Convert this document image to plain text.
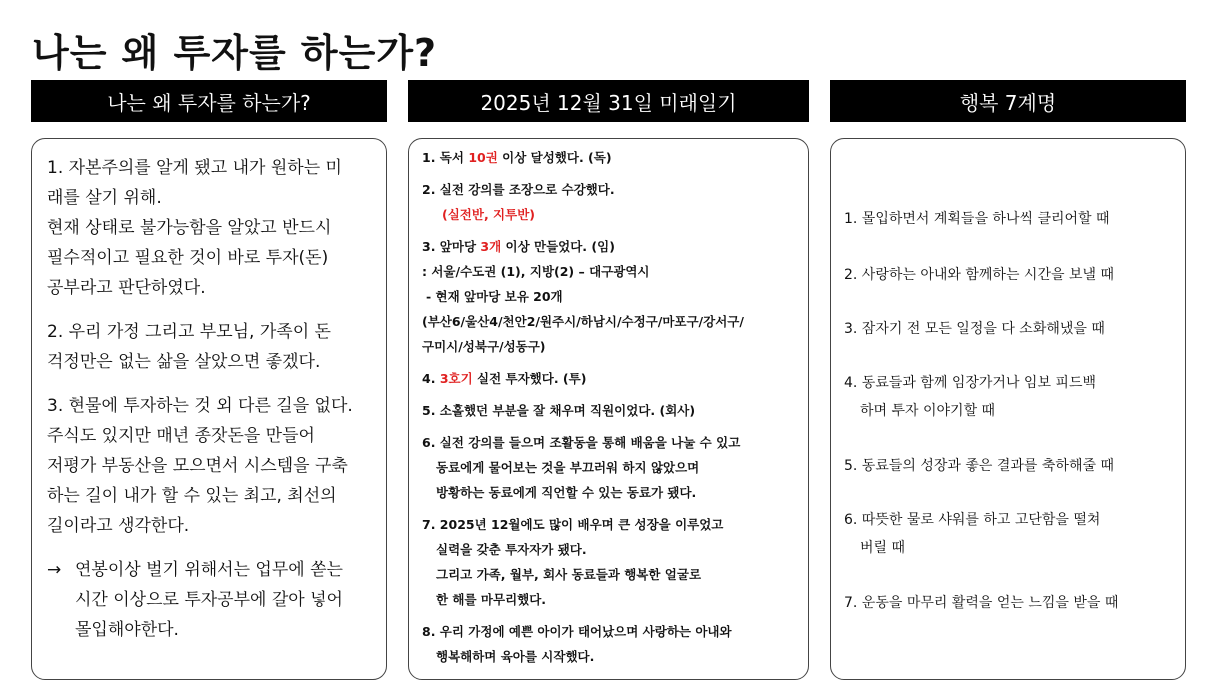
나는 왜 투자를 하는가?
나는 왜 투자를 하는가?	2025년 12월 31일 미래일기	행복 7계명
1. 자본주의를 알게 됐고 내가 원하는 미
래를 살기 위해.
현재 상태로 불가능함을 알았고 반드시
필수적이고 필요한 것이 바로 투자(돈)
공부라고 판단하였다.
2. 우리 가정 그리고 부모님, 가족이 돈
걱정만은 없는 삶을 살았으면 좋겠다.
3. 현물에 투자하는 것 외 다른 길을 없다.
주식도 있지만 매년 종잣돈을 만들어
저평가 부동산을 모으면서 시스템을 구축
하는 길이 내가 할 수 있는 최고, 최선의
길이라고 생각한다.
→ 연봉이상 벌기 위해서는 업무에 쏟는
시간 이상으로 투자공부에 갈아 넣어
몰입해야한다.
1. 독서 10권 이상 달성했다. (독)
2. 실전 강의를 조장으로 수강했다.
(실전반, 지투반)
3. 앞마당 3개 이상 만들었다. (임)
: 서울/수도권 (1), 지방(2) – 대구광역시
- 현재 앞마당 보유 20개
(부산6/울산4/천안2/원주시/하남시/수정구/마포구/강서구/
구미시/성북구/성동구)
4. 3호기 실전 투자했다. (투)
5. 소홀했던 부분을 잘 채우며 직원이었다. (회사)
6. 실전 강의를 들으며 조활동을 통해 배움을 나눌 수 있고
동료에게 물어보는 것을 부끄러워 하지 않았으며
방황하는 동료에게 직언할 수 있는 동료가 됐다.
7. 2025년 12월에도 많이 배우며 큰 성장을 이루었고
실력을 갖춘 투자자가 됐다.
그리고 가족, 월부, 회사 동료들과 행복한 얼굴로
한 해를 마무리했다.
8. 우리 가정에 예쁜 아이가 태어났으며 사랑하는 아내와
행복해하며 육아를 시작했다.
1. 몰입하면서 계획들을 하나씩 클리어할 때
2. 사랑하는 아내와 함께하는 시간을 보낼 때
3. 잠자기 전 모든 일정을 다 소화해냈을 때
4. 동료들과 함께 임장가거나 임보 피드백
하며 투자 이야기할 때
5. 동료들의 성장과 좋은 결과를 축하해줄 때
6. 따뜻한 물로 샤워를 하고 고단함을 떨쳐
버릴 때
7. 운동을 마무리 활력을 얻는 느낌을 받을 때
